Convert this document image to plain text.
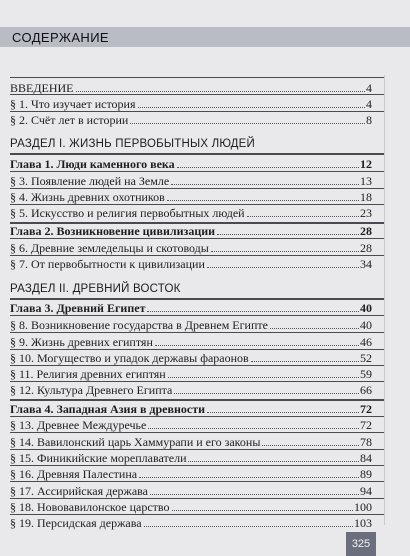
СОДЕРЖАНИЕ
ВВЕДЕНИЕ	4
§ 1. Что изучает история	4
§ 2. Счёт лет в истории	8
РАЗДЕЛ I. ЖИЗНЬ ПЕРВОБЫТНЫХ ЛЮДЕЙ
Глава 1. Люди каменного века	12
§ 3. Появление людей на Земле	13
§ 4. Жизнь древних охотников	18
§ 5. Искусство и религия первобытных людей	23
Глава 2. Возникновение цивилизации	28
§ 6. Древние земледельцы и скотоводы	28
§ 7. От первобытности к цивилизации	34
РАЗДЕЛ II. ДРЕВНИЙ ВОСТОК
Глава 3. Древний Египет	40
§ 8. Возникновение государства в Древнем Египте	40
§ 9. Жизнь древних египтян	46
§ 10. Могущество и упадок державы фараонов	52
§ 11. Религия древних египтян	59
§ 12. Культура Древнего Египта	66
Глава 4. Западная Азия в древности	72
§ 13. Древнее Междуречье	72
§ 14. Вавилонский царь Хаммурапи и его законы	78
§ 15. Финикийские мореплаватели	84
§ 16. Древняя Палестина	89
§ 17. Ассирийская держава	94
§ 18. Нововавилонское царство	100
§ 19. Персидская держава	103
325
